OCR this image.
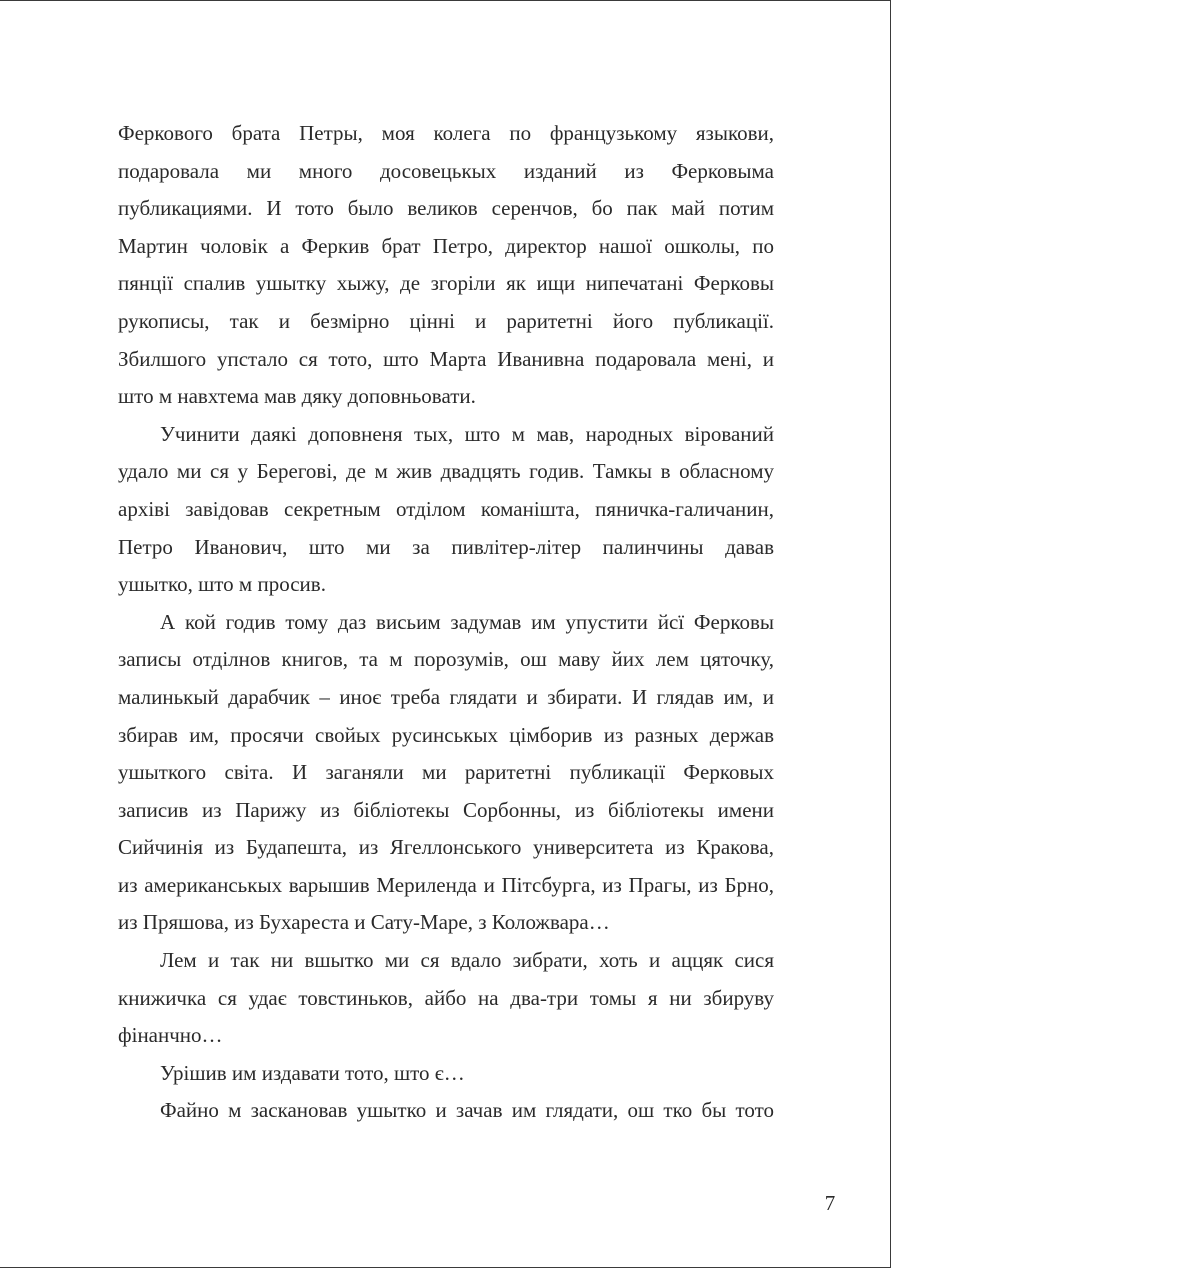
Феркового брата Петры, моя колега по французькому языкови,
подаровала ми много досовецькых изданий из Ферковыма
публикациями. И тото было великов серенчов, бо пак май потим
Мартин чоловік а Феркив брат Петро, директор нашої ошколы, по
пянції спалив ушытку хыжу, де згоріли як ищи нипечатані Ферковы
рукописы, так и безмірно цінні и раритетні його публикації.
Збилшого упстало ся тото, што Марта Иванивна подаровала мені, и
што м навхтема мав дяку доповньовати.
Учинити даякі доповненя тых, што м мав, народных вірований
удало ми ся у Берегові, де м жив двадцять годив. Тамкы в обласному
архіві завідовав секретным отділом команішта, пяничка-галичанин,
Петро Иванович, што ми за пивлітер-літер палинчины давав
ушытко, што м просив.
А кой годив тому даз висьим задумав им упустити йсї Ферковы
записы отділнов книгов, та м порозумів, ош маву йих лем цяточку,
малинькый дарабчик – иноє треба глядати и збирати. И глядав им, и
збирав им, просячи свойых русинськых цімборив из разных держав
ушыткого світа. И заганяли ми раритетні публикації Ферковых
записив из Парижу из бібліотекы Сорбонны, из бібліотекы имени
Сийчинія из Будапешта, из Ягеллонського университета из Кракова,
из американськых варышив Мериленда и Пітсбурга, из Прагы, из Брно,
из Пряшова, из Бухареста и Сату-Маре, з Коложвара…
Лем и так ни вшытко ми ся вдало зибрати, хоть и аццяк сися
книжичка ся удає товстиньков, айбо на два-три томы я ни збируву
фінанчно…
Урішив им издавати тото, што є…
Файно м заскановав ушытко и зачав им глядати, ош тко бы тото
7
